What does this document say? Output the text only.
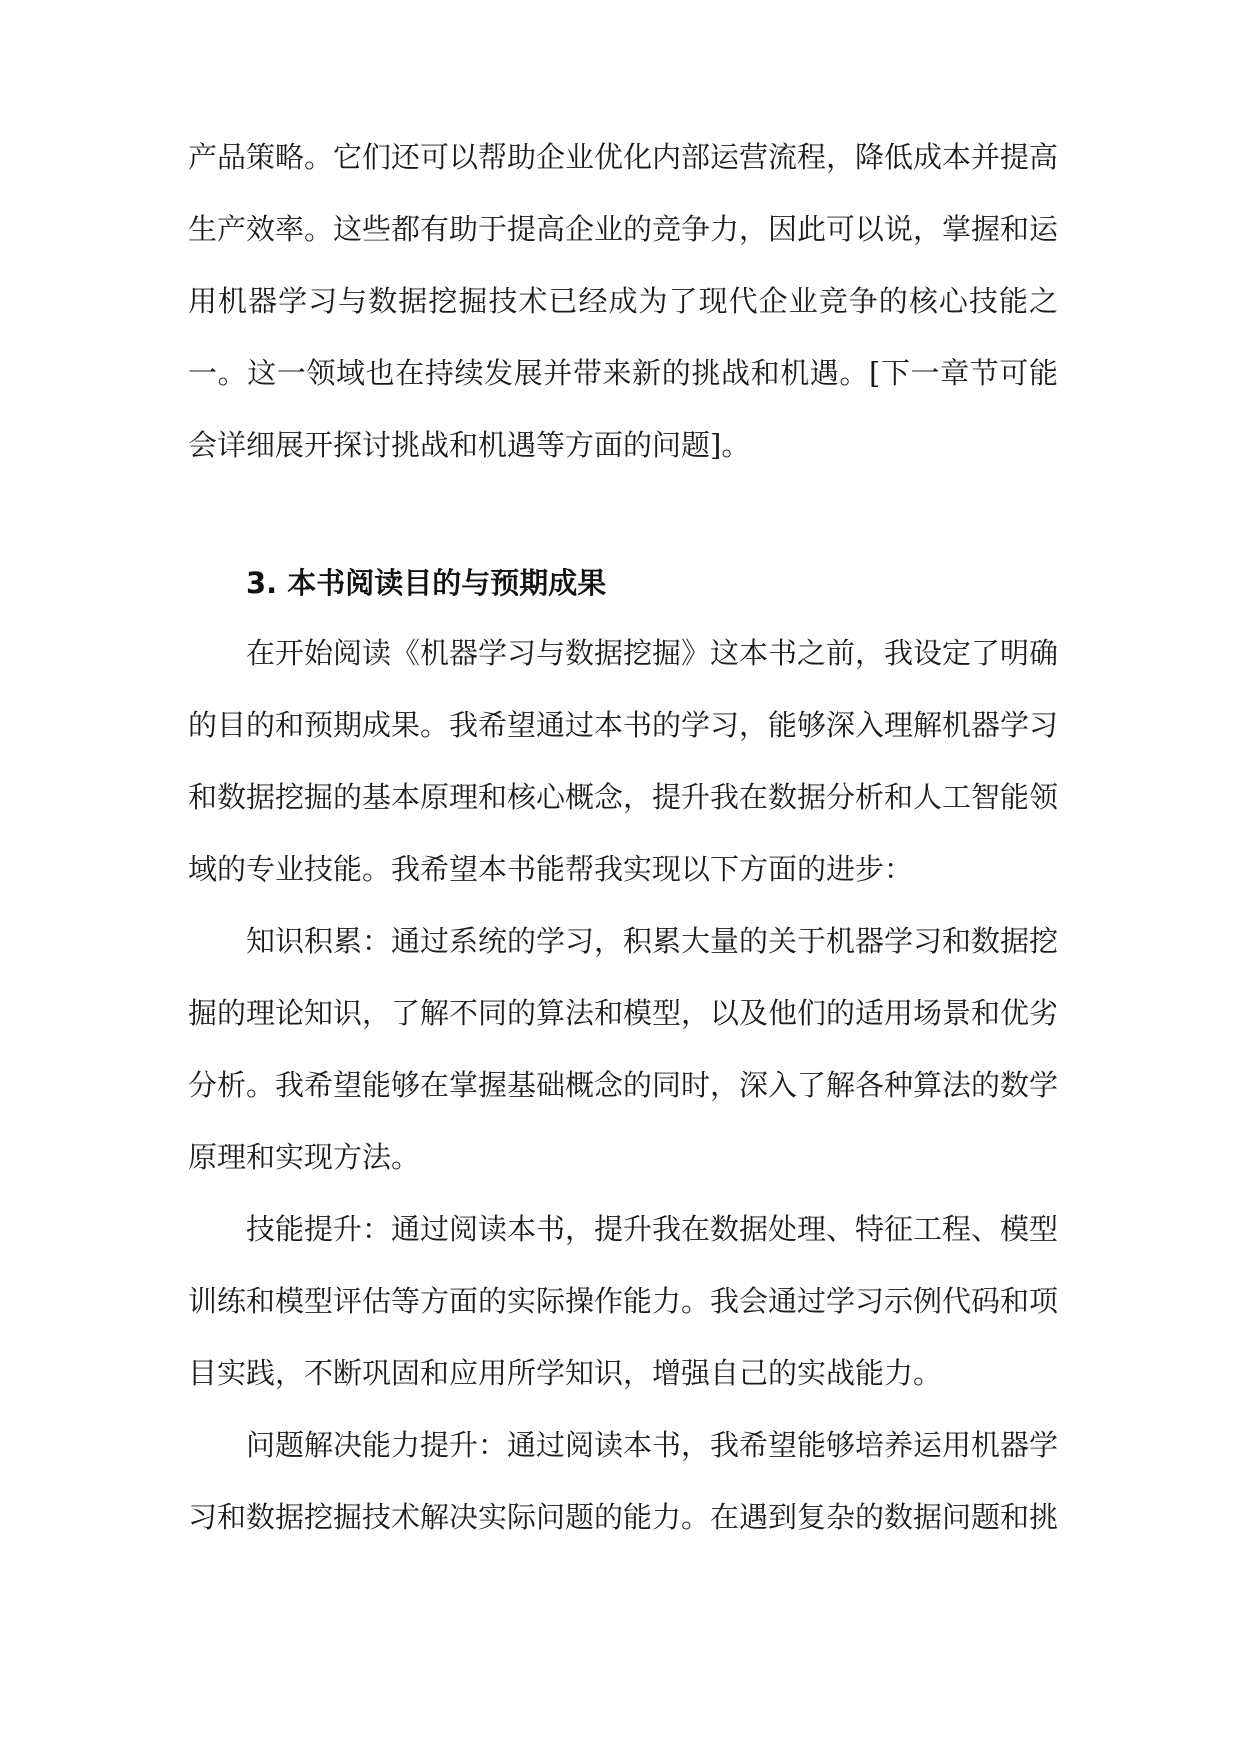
产品策略。它们还可以帮助企业优化内部运营流程，降低成本并提高
生产效率。这些都有助于提高企业的竞争力，因此可以说，掌握和运
用机器学习与数据挖掘技术已经成为了现代企业竞争的核心技能之
一。这一领域也在持续发展并带来新的挑战和机遇。[下一章节可能
会详细展开探讨挑战和机遇等方面的问题]。
3. 本书阅读目的与预期成果
在开始阅读《机器学习与数据挖掘》这本书之前，我设定了明确
的目的和预期成果。我希望通过本书的学习，能够深入理解机器学习
和数据挖掘的基本原理和核心概念，提升我在数据分析和人工智能领
域的专业技能。我希望本书能帮我实现以下方面的进步：
知识积累：通过系统的学习，积累大量的关于机器学习和数据挖
掘的理论知识，了解不同的算法和模型，以及他们的适用场景和优劣
分析。我希望能够在掌握基础概念的同时，深入了解各种算法的数学
原理和实现方法。
技能提升：通过阅读本书，提升我在数据处理、特征工程、模型
训练和模型评估等方面的实际操作能力。我会通过学习示例代码和项
目实践，不断巩固和应用所学知识，增强自己的实战能力。
问题解决能力提升：通过阅读本书，我希望能够培养运用机器学
习和数据挖掘技术解决实际问题的能力。在遇到复杂的数据问题和挑
